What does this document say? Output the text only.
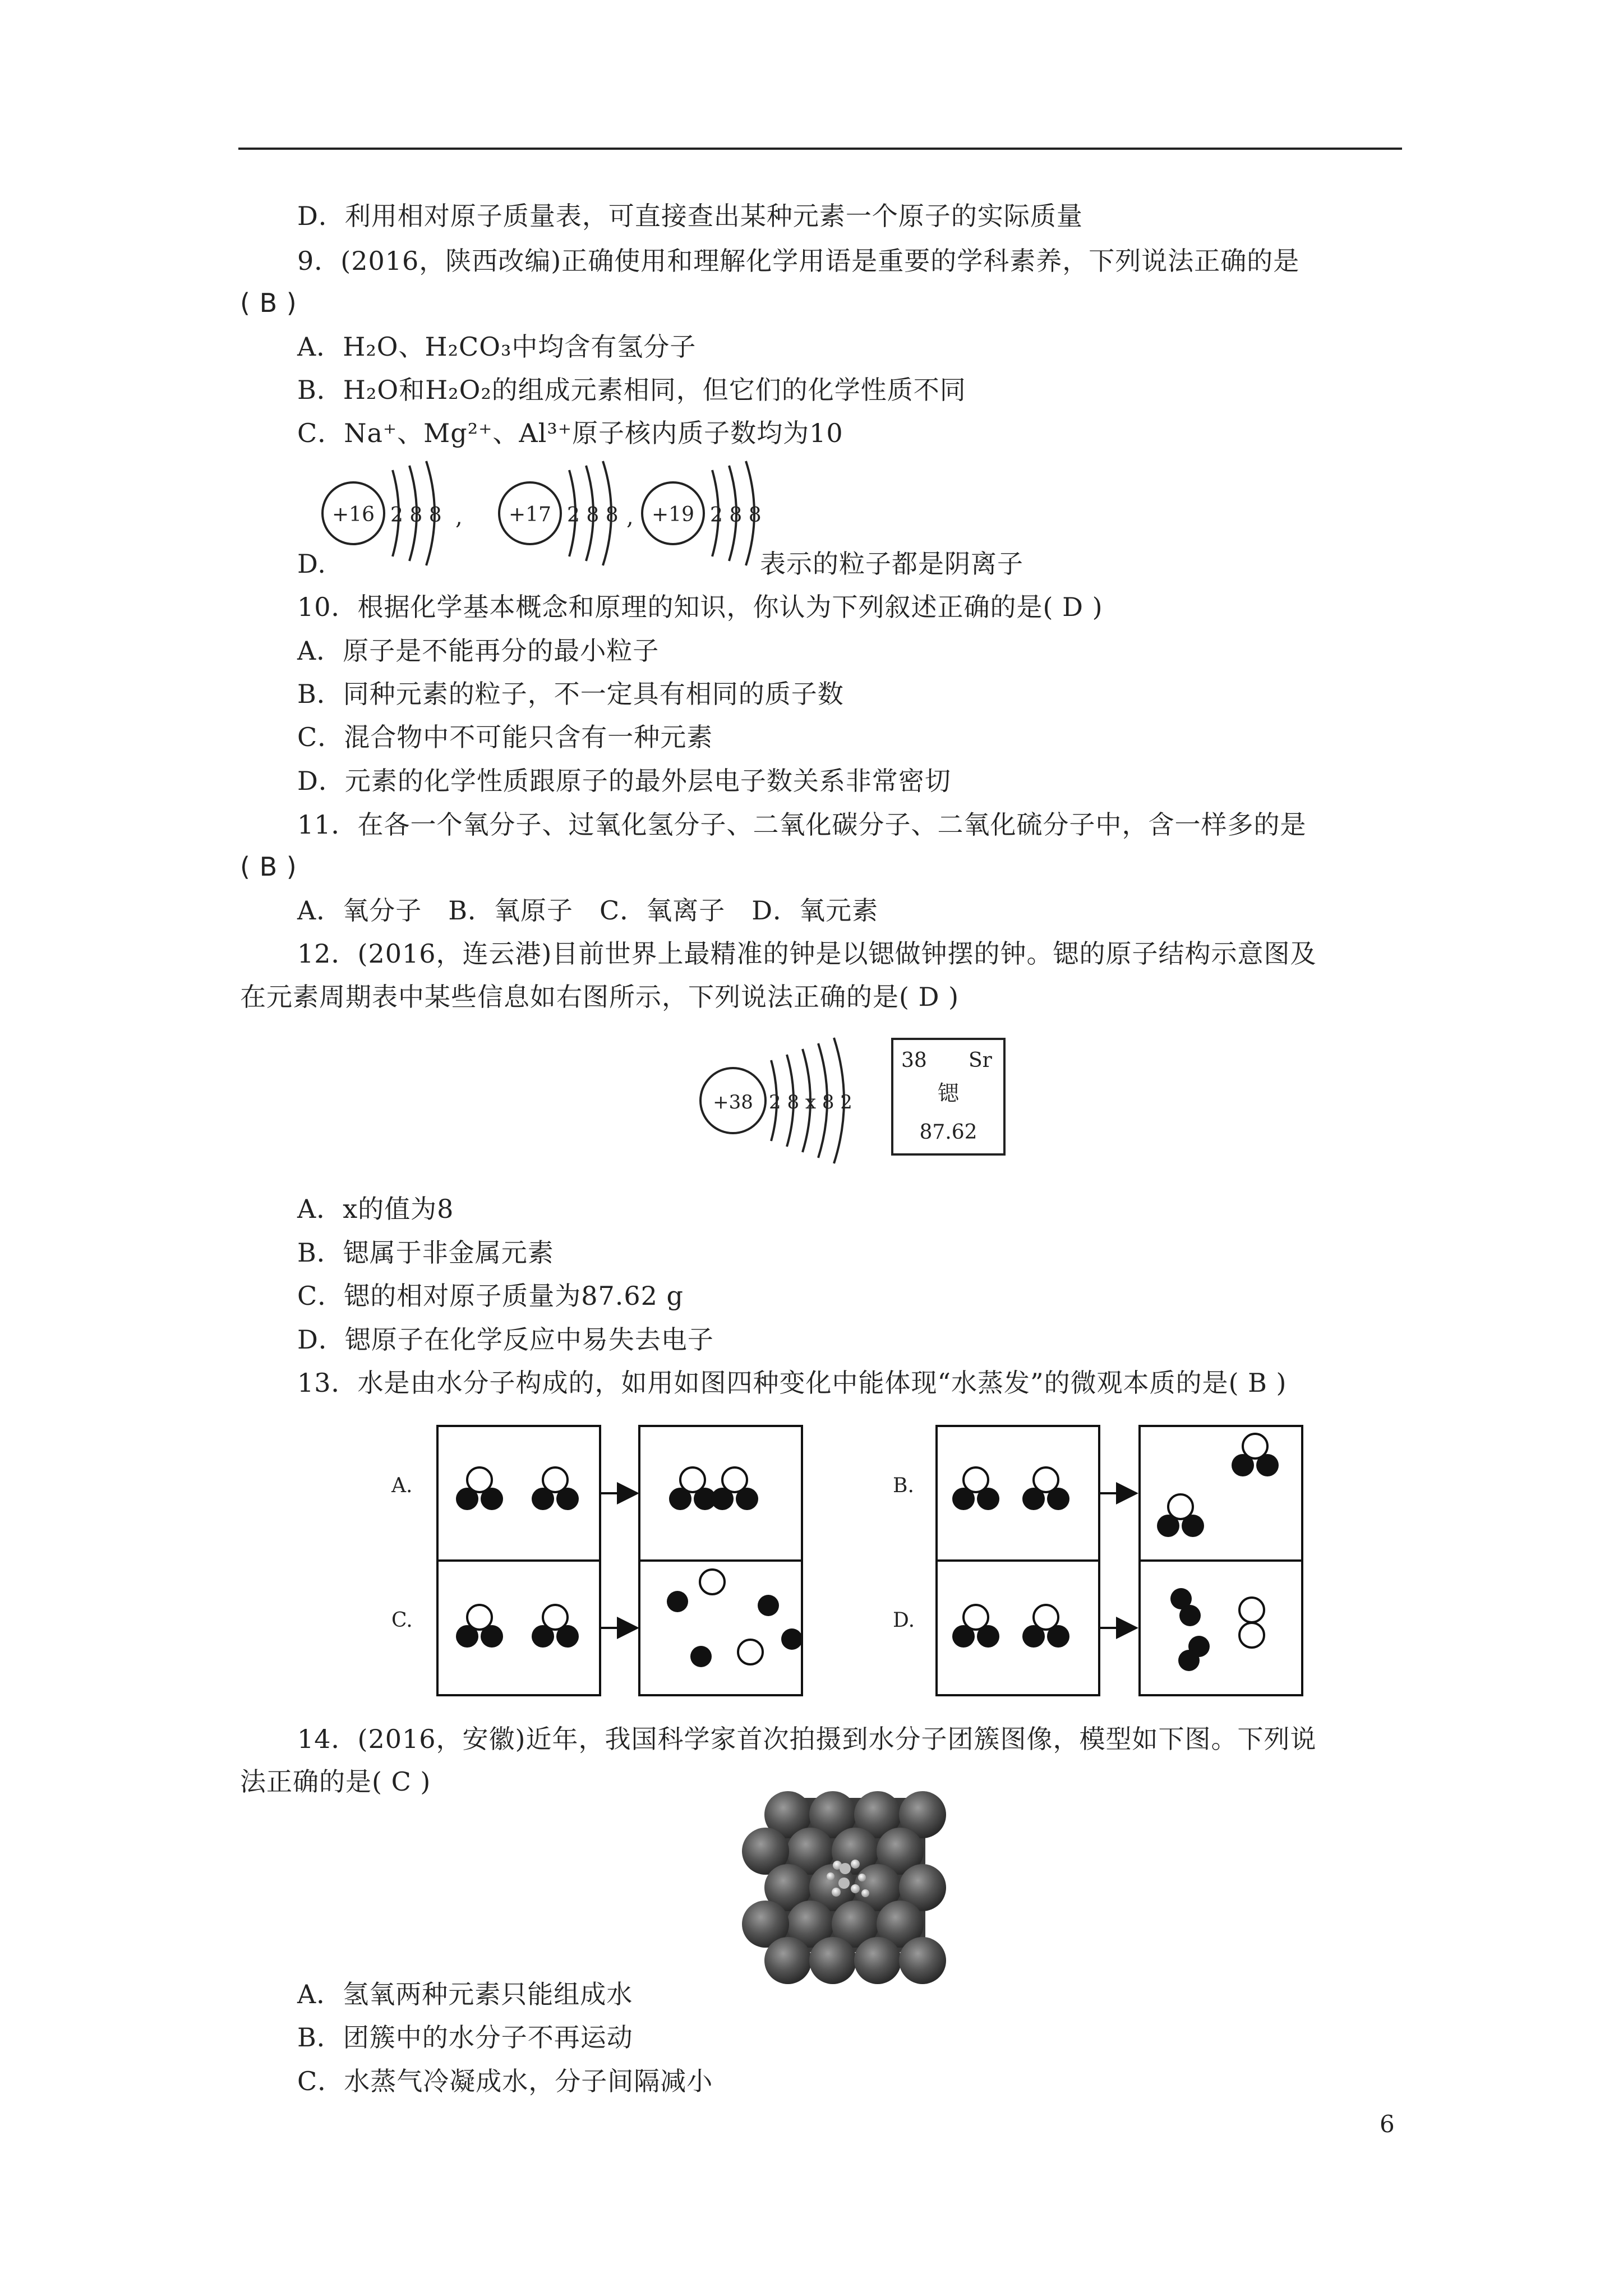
D．利用相对原子质量表，可直接查出某种元素一个原子的实际质量
9．(2016，陕西改编)正确使用和理解化学用语是重要的学科素养，下列说法正确的是
( B )
A．H₂O、H₂CO₃中均含有氢分子
B．H₂O和H₂O₂的组成元素相同，但它们的化学性质不同
C．Na⁺、Mg²⁺、Al³⁺原子核内质子数均为10
+16 2 8 8 , +17 2 8 8 , +19 2 8 8
D.	表示的粒子都是阴离子
10．根据化学基本概念和原理的知识，你认为下列叙述正确的是( D )
A．原子是不能再分的最小粒子
B．同种元素的粒子，不一定具有相同的质子数
C．混合物中不可能只含有一种元素
D．元素的化学性质跟原子的最外层电子数关系非常密切
11．在各一个氧分子、过氧化氢分子、二氧化碳分子、二氧化硫分子中，含一样多的是
( B )
A．氧分子　B．氧原子　C．氧离子　D．氧元素
12．(2016，连云港)目前世界上最精准的钟是以锶做钟摆的钟。锶的原子结构示意图及
在元素周期表中某些信息如右图所示，下列说法正确的是( D )
+38 2 8 x 8 2
38 Sr
锶
87.62
A．x的值为8
B．锶属于非金属元素
C．锶的相对原子质量为87.62 g
D．锶原子在化学反应中易失去电子
13．水是由水分子构成的，如用如图四种变化中能体现“水蒸发”的微观本质的是( B )
A.	B.
C.	D.
14．(2016，安徽)近年，我国科学家首次拍摄到水分子团簇图像，模型如下图。下列说
法正确的是( C )
A．氢氧两种元素只能组成水
B．团簇中的水分子不再运动
C．水蒸气冷凝成水，分子间隔减小
6
